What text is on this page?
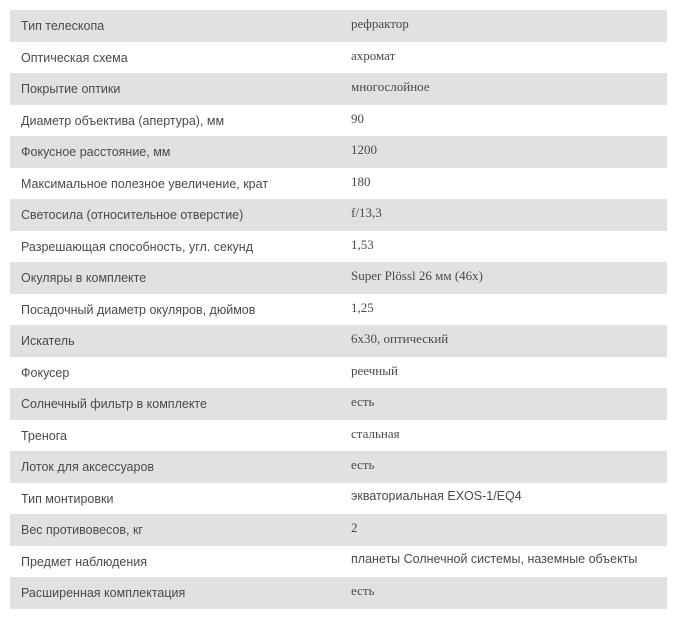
Тип телескопа	рефрактор
Оптическая схема	ахромат
Покрытие оптики	многослойное
Диаметр объектива (апертура), мм	90
Фокусное расстояние, мм	1200
Максимальное полезное увеличение, крат	180
Светосила (относительное отверстие)	f/13,3
Разрешающая способность, угл. секунд	1,53
Окуляры в комплекте	Super Plössl 26 мм (46x)
Посадочный диаметр окуляров, дюймов	1,25
Искатель	6x30, оптический
Фокусер	реечный
Солнечный фильтр в комплекте	есть
Тренога	стальная
Лоток для аксессуаров	есть
Тип монтировки	экваториальная EXOS-1/EQ4
Вес противовесов, кг	2
Предмет наблюдения	планеты Солнечной системы, наземные объекты
Расширенная комплектация	есть
